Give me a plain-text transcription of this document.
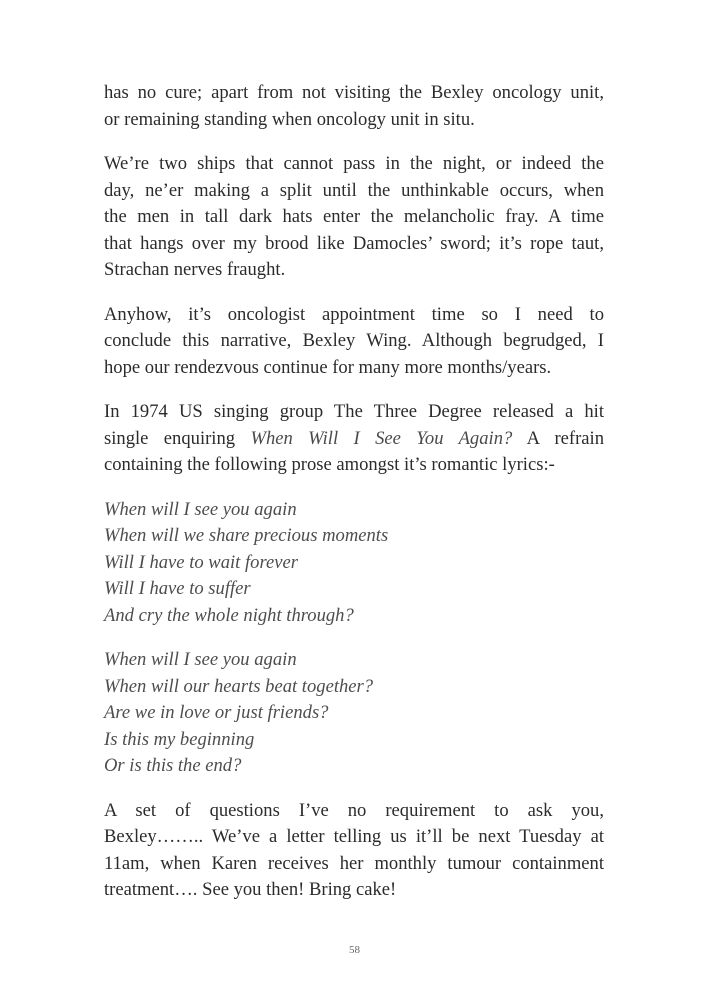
has no cure; apart from not visiting the Bexley oncology unit,
or remaining standing when oncology unit in situ.

We’re two ships that cannot pass in the night, or indeed the
day, ne’er making a split until the unthinkable occurs, when
the men in tall dark hats enter the melancholic fray. A time
that hangs over my brood like Damocles’ sword; it’s rope taut,
Strachan nerves fraught.

Anyhow, it’s oncologist appointment time so I need to
conclude this narrative, Bexley Wing. Although begrudged, I
hope our rendezvous continue for many more months/years.

In 1974 US singing group The Three Degree released a hit
single enquiring When Will I See You Again? A refrain
containing the following prose amongst it’s romantic lyrics:-

When will I see you again
When will we share precious moments
Will I have to wait forever
Will I have to suffer
And cry the whole night through?
When will I see you again
When will our hearts beat together?
Are we in love or just friends?
Is this my beginning
Or is this the end?

A set of questions I’ve no requirement to ask you,
Bexley…….. We’ve a letter telling us it’ll be next Tuesday at
11am, when Karen receives her monthly tumour containment
treatment…. See you then! Bring cake!

58
